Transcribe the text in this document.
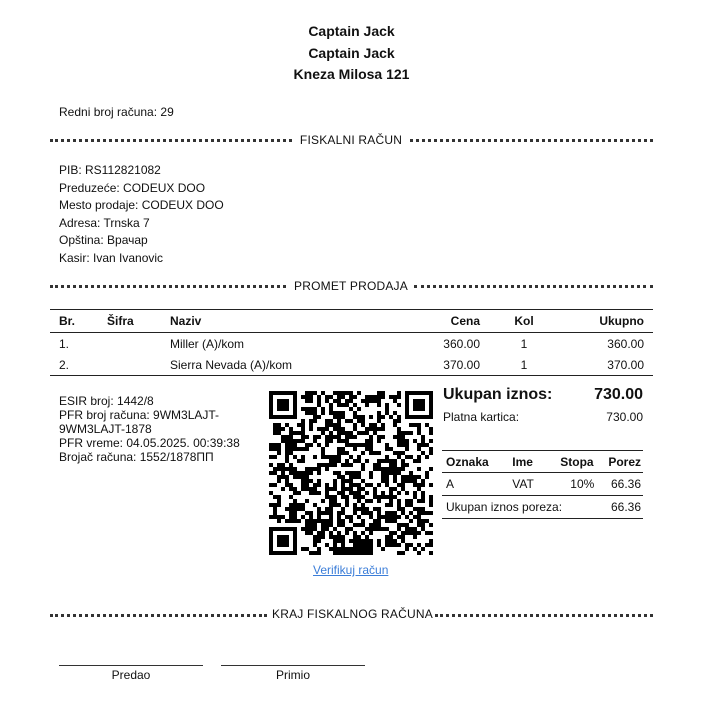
Captain Jack
Captain Jack
Kneza Milosa 121
Redni broj računa: 29
FISKALNI RAČUN
PIB: RS112821082
Preduzeće: CODEUX DOO
Mesto prodaje: CODEUX DOO
Adresa: Trnska 7
Opština: Врачар
Kasir: Ivan Ivanovic
PROMET PRODAJA
Br.	Šifra	Naziv	Cena	Kol	Ukupno
1.		Miller (A)/kom	360.00	1	360.00
2.		Sierra Nevada (A)/kom	370.00	1	370.00
ESIR broj: 1442/8
PFR broj računa: 9WM3LAJT-
9WM3LAJT-1878
PFR vreme: 04.05.2025. 00:39:38
Brojač računa: 1552/1878ПП
Verifikuj račun
Ukupan iznos:	730.00
Platna kartica:	730.00
Oznaka	Ime	Stopa	Porez
A	VAT	10%	66.36
Ukupan iznos poreza:			66.36
KRAJ FISKALNOG RAČUNA
Predao	Primio
